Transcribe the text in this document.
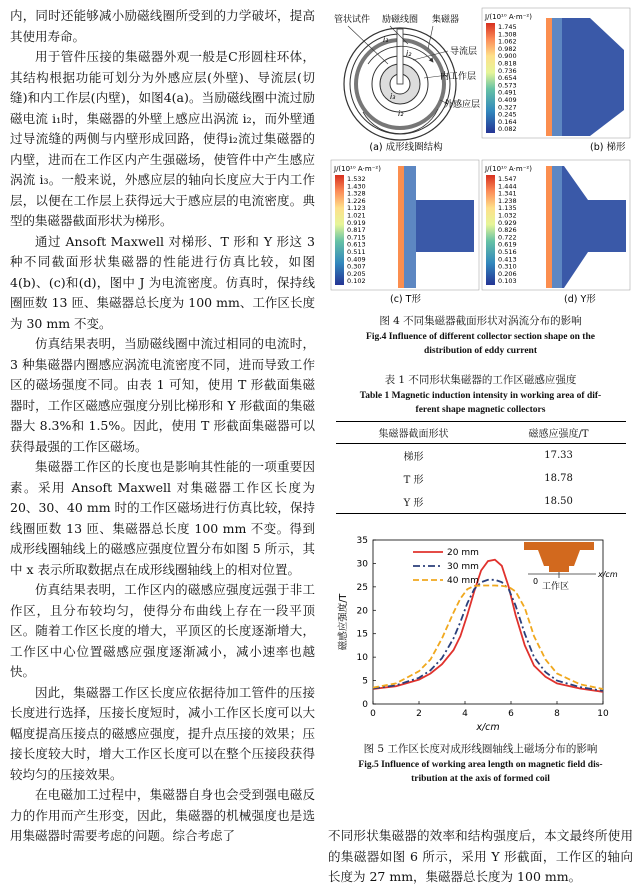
内，同时还能够减小励磁线圈所受到的力学破坏，提高其使用寿命。

用于管件压接的集磁器外观一般是C形圆柱环体，其结构根据功能可划分为外感应层(外壁)、导流层(切缝)和内工作层(内壁)，如图4(a)。当励磁线圈中流过励磁电流 i₁时，集磁器的外壁上感应出涡流 i₂，而外壁通过导流缝的两侧与内壁形成回路，使得i₂流过集磁器的内壁，进而在工作区内产生强磁场，使管件中产生感应涡流 i₃。一般来说，外感应层的轴向长度应大于内工作层，以便在工作层上获得远大于感应层的电流密度。典型的集磁器截面形状为梯形。

通过 Ansoft Maxwell 对梯形、T 形和 Y 形这 3 种不同截面形状集磁器的性能进行仿真比较，如图4(b)、(c)和(d)，图中 J 为电流密度。仿真时，保持线圈匝数 13 匝、集磁器总长度为 100 mm、工作区长度为 30 mm 不变。

仿真结果表明，当励磁线圈中流过相同的电流时，3 种集磁器内圈感应涡流电流密度不同，进而导致工作区的磁场强度不同。由表 1 可知，使用 T 形截面集磁器时，工作区磁感应强度分别比梯形和 Y 形截面的集磁器大 8.3%和 1.5%。因此，使用 T 形截面集磁器可以获得最强的工作区磁场。

集磁器工作区的长度也是影响其性能的一项重要因素。采用 Ansoft Maxwell 对集磁器工作区长度为 20、30、40 mm 时的工作区磁场进行仿真比较，保持线圈匝数 13 匝、集磁器总长度 100 mm 不变。得到成形线圈轴线上的磁感应强度位置分布如图 5 所示，其中 x 表示所取数据点在成形线圈轴线上的相对位置。

仿真结果表明，工作区内的磁感应强度远强于非工作区，且分布较均匀，使得分布曲线上存在一段平顶区。随着工作区长度的增大，平顶区的长度逐渐增大，工作区中心位置磁感应强度逐渐减小，减小速率也越快。

因此，集磁器工作区长度应依据待加工管件的压接长度进行选择，压接长度短时，减小工作区长度可以大幅度提高压接点的磁感应强度，提升点压接的效果；压接长度较大时，增大工作区长度可以在整个压接段获得较均匀的压接效果。

在电磁加工过程中，集磁器自身也会受到强电磁反力的作用而产生形变，因此，集磁器的机械强度也是选用集磁器时需要考虑的问题。综合考虑了

管状试件 励磁线圈 集磁器
导流层
内工作层
外感应层
i₁
i₂
i₃
i₂
(a) 成形线圈结构
J/(10¹⁰ A·m⁻²)
1.745
1.308
1.062
0.982
0.900
0.818
0.736
0.654
0.573
0.491
0.409
0.327
0.245
0.164
0.082
(b) 梯形
J/(10¹⁰ A·m⁻²)
1.532
1.430
1.328
1.226
1.123
1.021
0.919
0.817
0.715
0.613
0.511
0.409
0.307
0.205
0.102
(c) T形
J/(10¹⁰ A·m⁻²)
1.547
1.444
1.341
1.238
1.135
1.032
0.929
0.826
0.722
0.619
0.516
0.413
0.310
0.206
0.103
(d) Y形
图 4 不同集磁器截面形状对涡流分布的影响
Fig.4 Influence of different collector section shape on the
distribution of eddy current
表 1 不同形状集磁器的工作区磁感应强度
Table 1 Magnetic induction intensity in working area of dif-
ferent shape magnetic collectors
集磁器截面形状	磁感应强度/T
梯形	17.33
T 形	18.78
Y 形	18.50
工作区
x/cm
0
0	2	4	6	8	10
0
5
10
15
20
25
30
35
x/cm
磁感应强度/T
20 mm
30 mm
40 mm
图 5 工作区长度对成形线圈轴线上磁场分布的影响
Fig.5 Influence of working area length on magnetic field dis-
tribution at the axis of formed coil

不同形状集磁器的效率和结构强度后，本文最终所使用的集磁器如图 6 所示，采用 Y 形截面，工作区的轴向长度为 27 mm，集磁器总长度为 100 mm。
